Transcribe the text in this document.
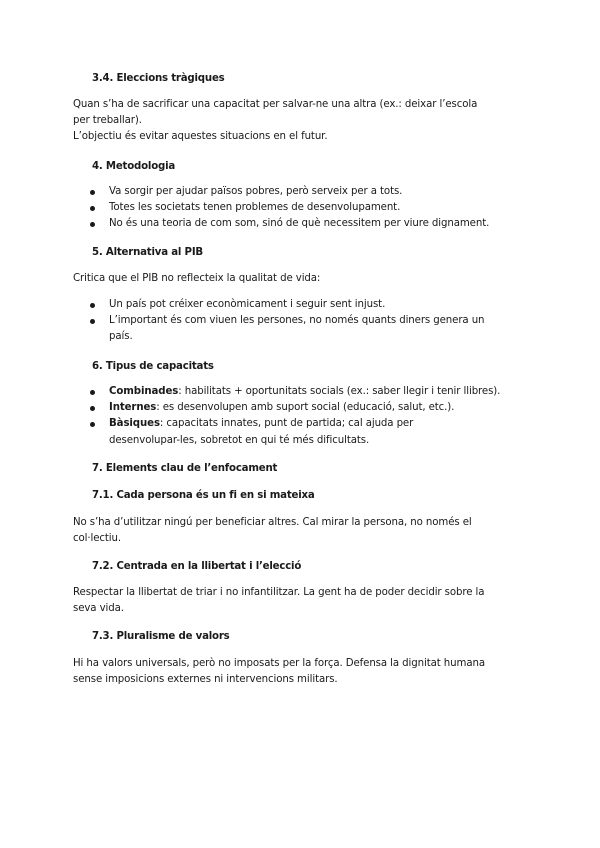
3.4. Eleccions tràgiques
Quan s’ha de sacrificar una capacitat per salvar-ne una altra (ex.: deixar l’escola
per treballar).
L’objectiu és evitar aquestes situacions en el futur.
4. Metodologia
Va sorgir per ajudar països pobres, però serveix per a tots.
Totes les societats tenen problemes de desenvolupament.
No és una teoria de com som, sinó de què necessitem per viure dignament.
5. Alternativa al PIB
Critica que el PIB no reflecteix la qualitat de vida:
Un país pot créixer econòmicament i seguir sent injust.
L’important és com viuen les persones, no només quants diners genera un
país.
6. Tipus de capacitats
Combinades: habilitats + oportunitats socials (ex.: saber llegir i tenir llibres).
Internes: es desenvolupen amb suport social (educació, salut, etc.).
Bàsiques: capacitats innates, punt de partida; cal ajuda per
desenvolupar-les, sobretot en qui té més dificultats.
7. Elements clau de l’enfocament
7.1. Cada persona és un fi en si mateixa
No s’ha d’utilitzar ningú per beneficiar altres. Cal mirar la persona, no només el
col·lectiu.
7.2. Centrada en la llibertat i l’elecció
Respectar la llibertat de triar i no infantilitzar. La gent ha de poder decidir sobre la
seva vida.
7.3. Pluralisme de valors
Hi ha valors universals, però no imposats per la força. Defensa la dignitat humana
sense imposicions externes ni intervencions militars.
